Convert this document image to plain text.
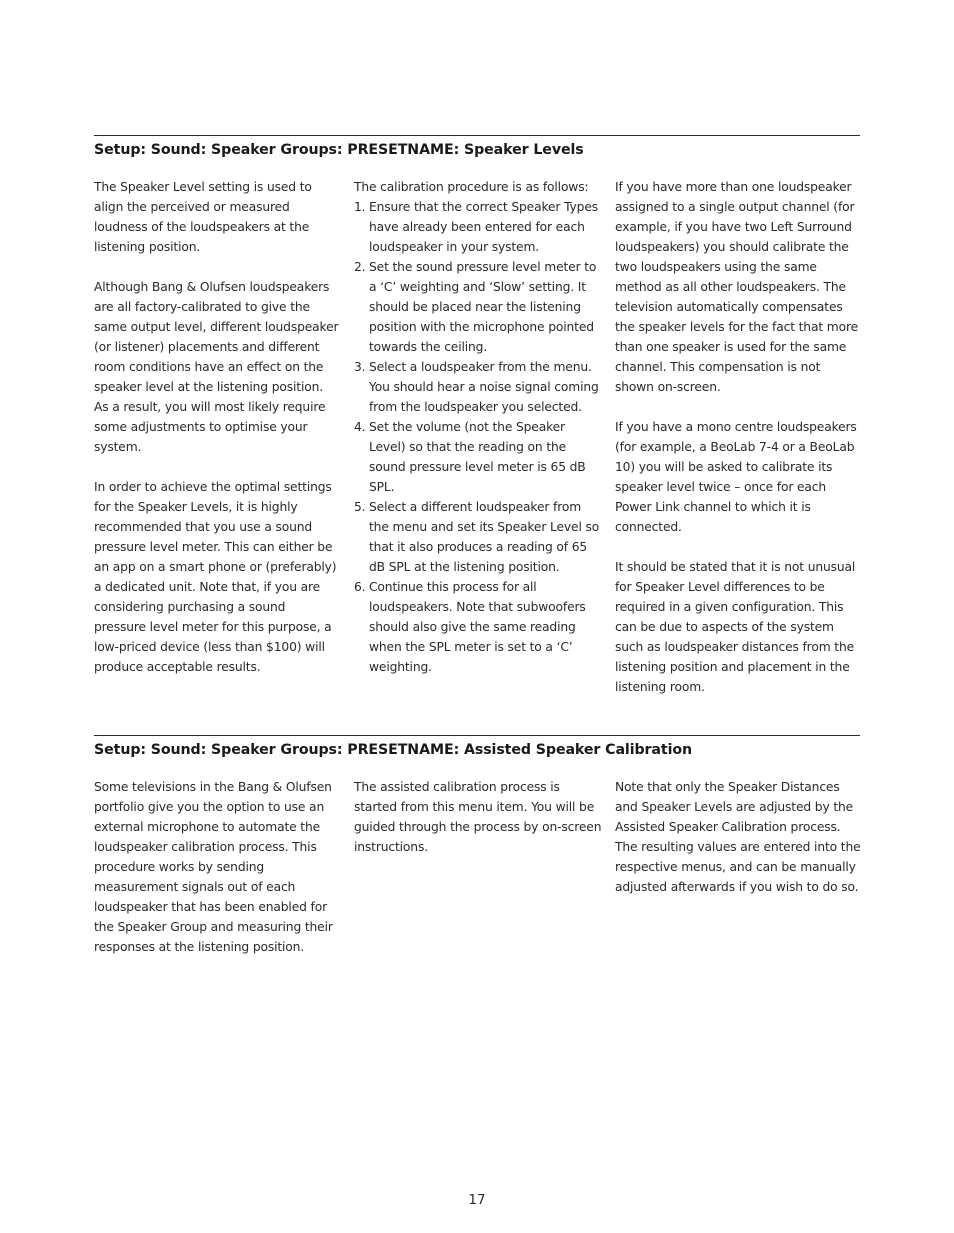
Setup: Sound: Speaker Groups: PRESETNAME: Speaker Levels

The Speaker Level setting is used to align the perceived or measured loudness of the loudspeakers at the listening position.

Although Bang & Olufsen loudspeakers are all factory-calibrated to give the same output level, different loudspeaker (or listener) placements and different room conditions have an effect on the speaker level at the listening position. As a result, you will most likely require some adjustments to optimise your system.

In order to achieve the optimal settings for the Speaker Levels, it is highly recommended that you use a sound pressure level meter. This can either be an app on a smart phone or (preferably) a dedicated unit. Note that, if you are considering purchasing a sound pressure level meter for this purpose, a low-priced device (less than $100) will produce acceptable results.

The calibration procedure is as follows:
1. Ensure that the correct Speaker Types have already been entered for each loudspeaker in your system.
2. Set the sound pressure level meter to a ‘C’ weighting and ‘Slow’ setting. It should be placed near the listening position with the microphone pointed towards the ceiling.
3. Select a loudspeaker from the menu. You should hear a noise signal coming from the loudspeaker you selected.
4. Set the volume (not the Speaker Level) so that the reading on the sound pressure level meter is 65 dB SPL.
5. Select a different loudspeaker from the menu and set its Speaker Level so that it also produces a reading of 65 dB SPL at the listening position.
6. Continue this process for all loudspeakers. Note that subwoofers should also give the same reading when the SPL meter is set to a ‘C’ weighting.

If you have more than one loudspeaker assigned to a single output channel (for example, if you have two Left Surround loudspeakers) you should calibrate the two loudspeakers using the same method as all other loudspeakers. The television automatically compensates the speaker levels for the fact that more than one speaker is used for the same channel. This compensation is not shown on-screen.

If you have a mono centre loudspeakers (for example, a BeoLab 7-4 or a BeoLab 10) you will be asked to calibrate its speaker level twice – once for each Power Link channel to which it is connected.

It should be stated that it is not unusual for Speaker Level differences to be required in a given configuration. This can be due to aspects of the system such as loudspeaker distances from the listening position and placement in the listening room.

Setup: Sound: Speaker Groups: PRESETNAME: Assisted Speaker Calibration

Some televisions in the Bang & Olufsen portfolio give you the option to use an external microphone to automate the loudspeaker calibration process. This procedure works by sending measurement signals out of each loudspeaker that has been enabled for the Speaker Group and measuring their responses at the listening position.

The assisted calibration process is started from this menu item. You will be guided through the process by on-screen instructions.

Note that only the Speaker Distances and Speaker Levels are adjusted by the Assisted Speaker Calibration process. The resulting values are entered into the respective menus, and can be manually adjusted afterwards if you wish to do so.

17
